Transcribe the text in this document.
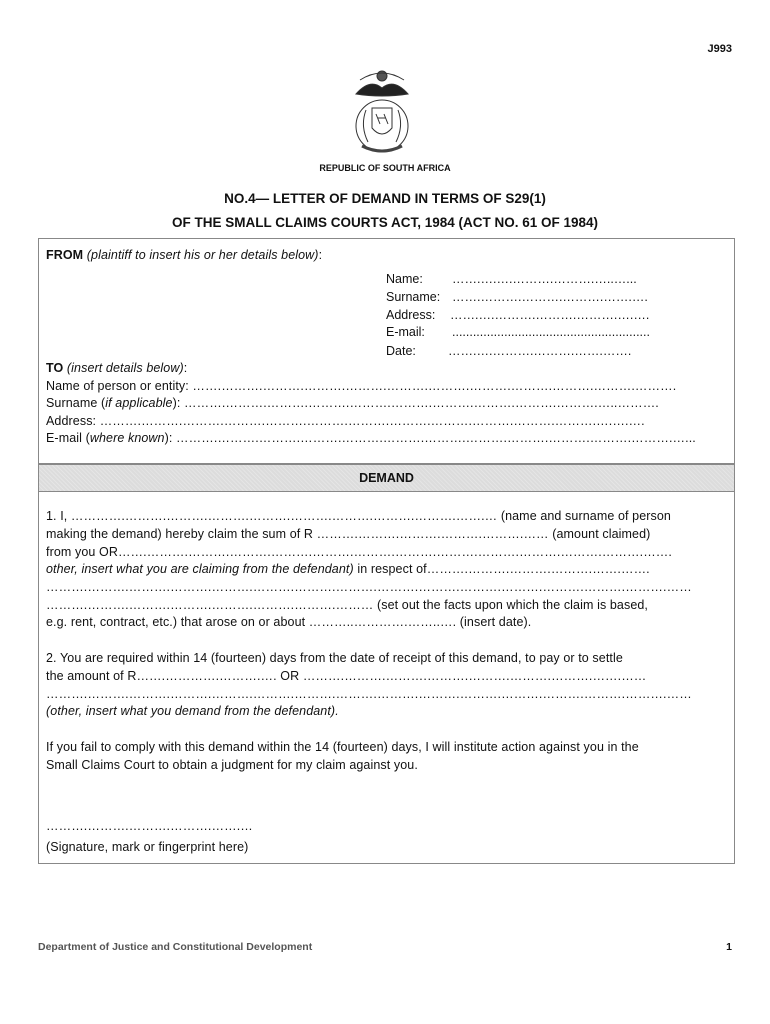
J993
REPUBLIC OF SOUTH AFRICA
NO.4— LETTER OF DEMAND IN TERMS OF S29(1)
OF THE SMALL CLAIMS COURTS ACT, 1984 (ACT NO. 61 OF 1984)
FROM (plaintiff to insert his or her details below):
Name: …….….….……….……….…..…...
Surname: …….……….……….……….…….….
Address: …….….……….……….……….….….
E-mail: .........................................................
Date:	…….….……….……….…….…….
TO (insert details below):
Name of person or entity: …….……….……….……….……….……….……….……….……….……….……….……….
Surname (if applicable): ……….……….……….……….……….……….……….……….……….……….…..……….
Address: ……….……….……….……….……….……….……….……….……….……….……….……….….….….
E-mail (where known): ……….……….……….……….……….……….……….……….……….……….……….……….…...
DEMAND
1. I, ………….……….……….……….……….……….……….……….……….…….… (name and surname of person
making the demand) hereby claim the sum of R ……….……….……….……….……….…… (amount claimed)
from you OR…….……….……….……….……….……….……….……….……….……….……….……….……….…….
other, insert what you are claiming from the defendant) in respect of……….……….……….……….…….…….
……….……….……….……….……….……….……….……….……….……….……….……….……….……….……….……
……….……….……….……….……….……….……….……… (set out the facts upon which the claim is based,
e.g. rent, contract, etc.) that arose on or about ………..………….……..…. (insert date).
2. You are required within 14 (fourteen) days from the date of receipt of this demand, to pay or to settle
the amount of R…….………….……….…. OR ……….……….……….……….……….……….……….…….……
……….……….……….……….……….……….……….……….……….……….……….……….……….……….……….……
(other, insert what you demand from the defendant).
If you fail to comply with this demand within the 14 (fourteen) days, I will institute action against you in the
Small Claims Court to obtain a judgment for my claim against you.
……….……….……….……….…….…
(Signature, mark or fingerprint here)
Department of Justice and Constitutional Development	1
